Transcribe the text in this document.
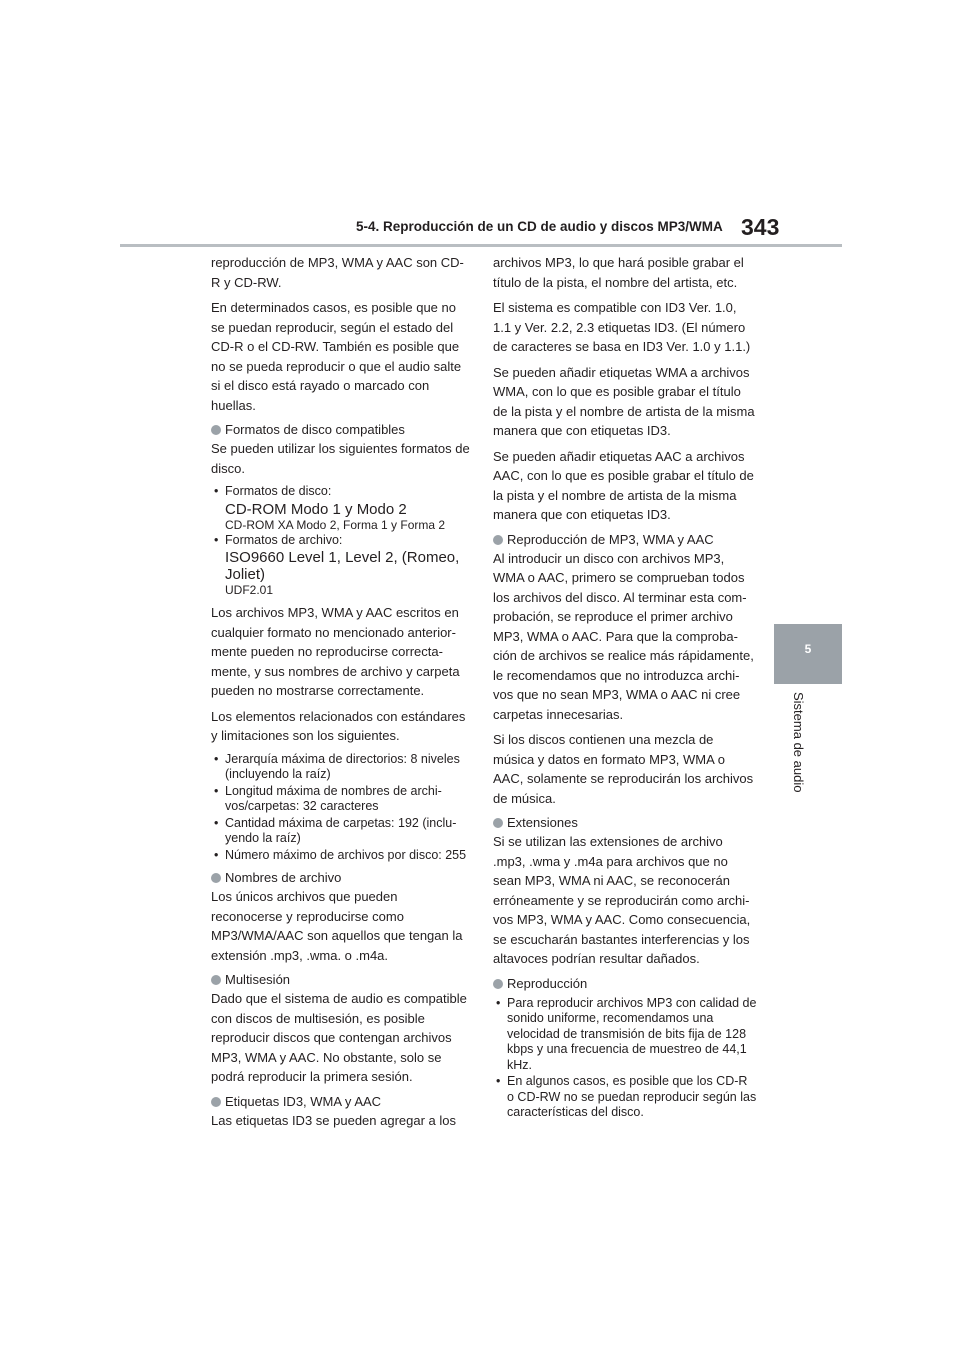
5-4. Reproducción de un CD de audio y discos MP3/WMA 343
5
Sistema de audio

reproducción de MP3, WMA y AAC son CD-R y CD-RW.

En determinados casos, es posible que no se puedan reproducir, según el estado del CD-R o el CD-RW. También es posible que no se pueda reproducir o que el audio salte si el disco está rayado o marcado con huellas.

Formatos de disco compatibles

Se pueden utilizar los siguientes formatos de disco.

• Formatos de disco:
CD-ROM Modo 1 y Modo 2
CD-ROM XA Modo 2, Forma 1 y Forma 2
• Formatos de archivo:
ISO9660 Level 1, Level 2, (Romeo, Joliet)
UDF2.01

Los archivos MP3, WMA y AAC escritos en
cualquier formato no mencionado anterior-
mente pueden no reproducirse correcta-
mente, y sus nombres de archivo y carpeta
pueden no mostrarse correctamente.

Los elementos relacionados con estándares y limitaciones son los siguientes.

• Jerarquía máxima de directorios: 8 niveles (incluyendo la raíz)
• Longitud máxima de nombres de archi-vos/carpetas: 32 caracteres
• Cantidad máxima de carpetas: 192 (inclu-yendo la raíz)
• Número máximo de archivos por disco: 255
Nombres de archivo

Los únicos archivos que pueden reconocerse y reproducirse como MP3/WMA/AAC son aquellos que tengan la extensión .mp3, .wma. o .m4a.

Multisesión

Dado que el sistema de audio es compatible con discos de multisesión, es posible reproducir discos que contengan archivos MP3, WMA y AAC. No obstante, solo se podrá reproducir la primera sesión.

Etiquetas ID3, WMA y AAC

Las etiquetas ID3 se pueden agregar a los

archivos MP3, lo que hará posible grabar el título de la pista, el nombre del artista, etc.

El sistema es compatible con ID3 Ver. 1.0, 1.1 y Ver. 2.2, 2.3 etiquetas ID3. (El número de caracteres se basa en ID3 Ver. 1.0 y 1.1.)

Se pueden añadir etiquetas WMA a archivos WMA, con lo que es posible grabar el título de la pista y el nombre de artista de la misma manera que con etiquetas ID3.

Se pueden añadir etiquetas AAC a archivos AAC, con lo que es posible grabar el título de la pista y el nombre de artista de la misma manera que con etiquetas ID3.

Reproducción de MP3, WMA y AAC

Al introducir un disco con archivos MP3, WMA o AAC, primero se comprueban todos los archivos del disco. Al terminar esta com-probación, se reproduce el primer archivo MP3, WMA o AAC. Para que la comproba-ción de archivos se realice más rápidamente, le recomendamos que no introduzca archi-vos que no sean MP3, WMA o AAC ni cree carpetas innecesarias.

Si los discos contienen una mezcla de música y datos en formato MP3, WMA o AAC, solamente se reproducirán los archivos de música.

Extensiones

Si se utilizan las extensiones de archivo .mp3, .wma y .m4a para archivos que no sean MP3, WMA ni AAC, se reconocerán erróneamente y se reproducirán como archi-vos MP3, WMA y AAC. Como consecuencia, se escucharán bastantes interferencias y los altavoces podrían resultar dañados.

Reproducción
• Para reproducir archivos MP3 con calidad de sonido uniforme, recomendamos una velocidad de transmisión de bits fija de 128 kbps y una frecuencia de muestreo de 44,1 kHz.
• En algunos casos, es posible que los CD-R o CD-RW no se puedan reproducir según las características del disco.
